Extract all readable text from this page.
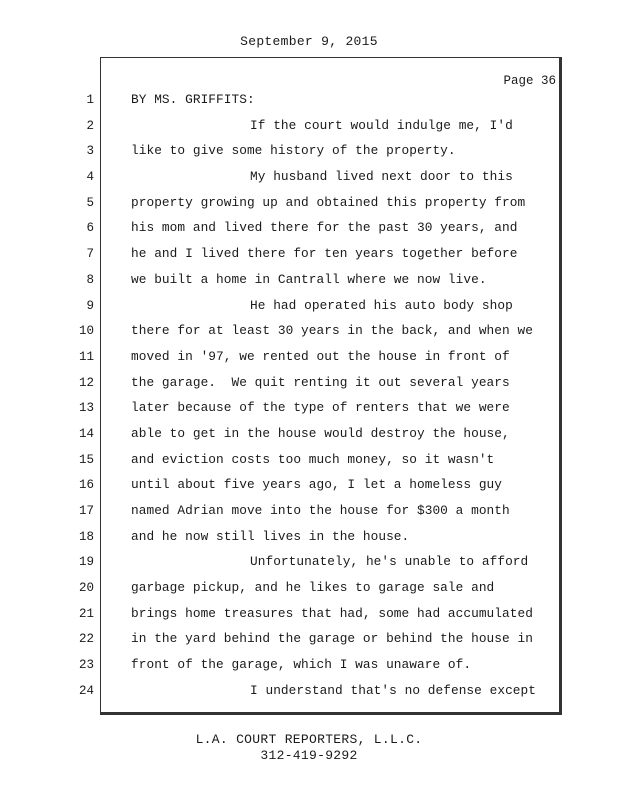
September 9, 2015
Page 36
1
2
3
4
5
6
7
8
9
10
11
12
13
14
15
16
17
18
19
20
21
22
23
24
BY MS. GRIFFITS:
If the court would indulge me, I'd
like to give some history of the property.
My husband lived next door to this
property growing up and obtained this property from
his mom and lived there for the past 30 years, and
he and I lived there for ten years together before
we built a home in Cantrall where we now live.
He had operated his auto body shop
there for at least 30 years in the back, and when we
moved in '97, we rented out the house in front of
the garage.  We quit renting it out several years
later because of the type of renters that we were
able to get in the house would destroy the house,
and eviction costs too much money, so it wasn't
until about five years ago, I let a homeless guy
named Adrian move into the house for $300 a month
and he now still lives in the house.
Unfortunately, he's unable to afford
garbage pickup, and he likes to garage sale and
brings home treasures that had, some had accumulated
in the yard behind the garage or behind the house in
front of the garage, which I was unaware of.
I understand that's no defense except
L.A. COURT REPORTERS, L.L.C.
312-419-9292
